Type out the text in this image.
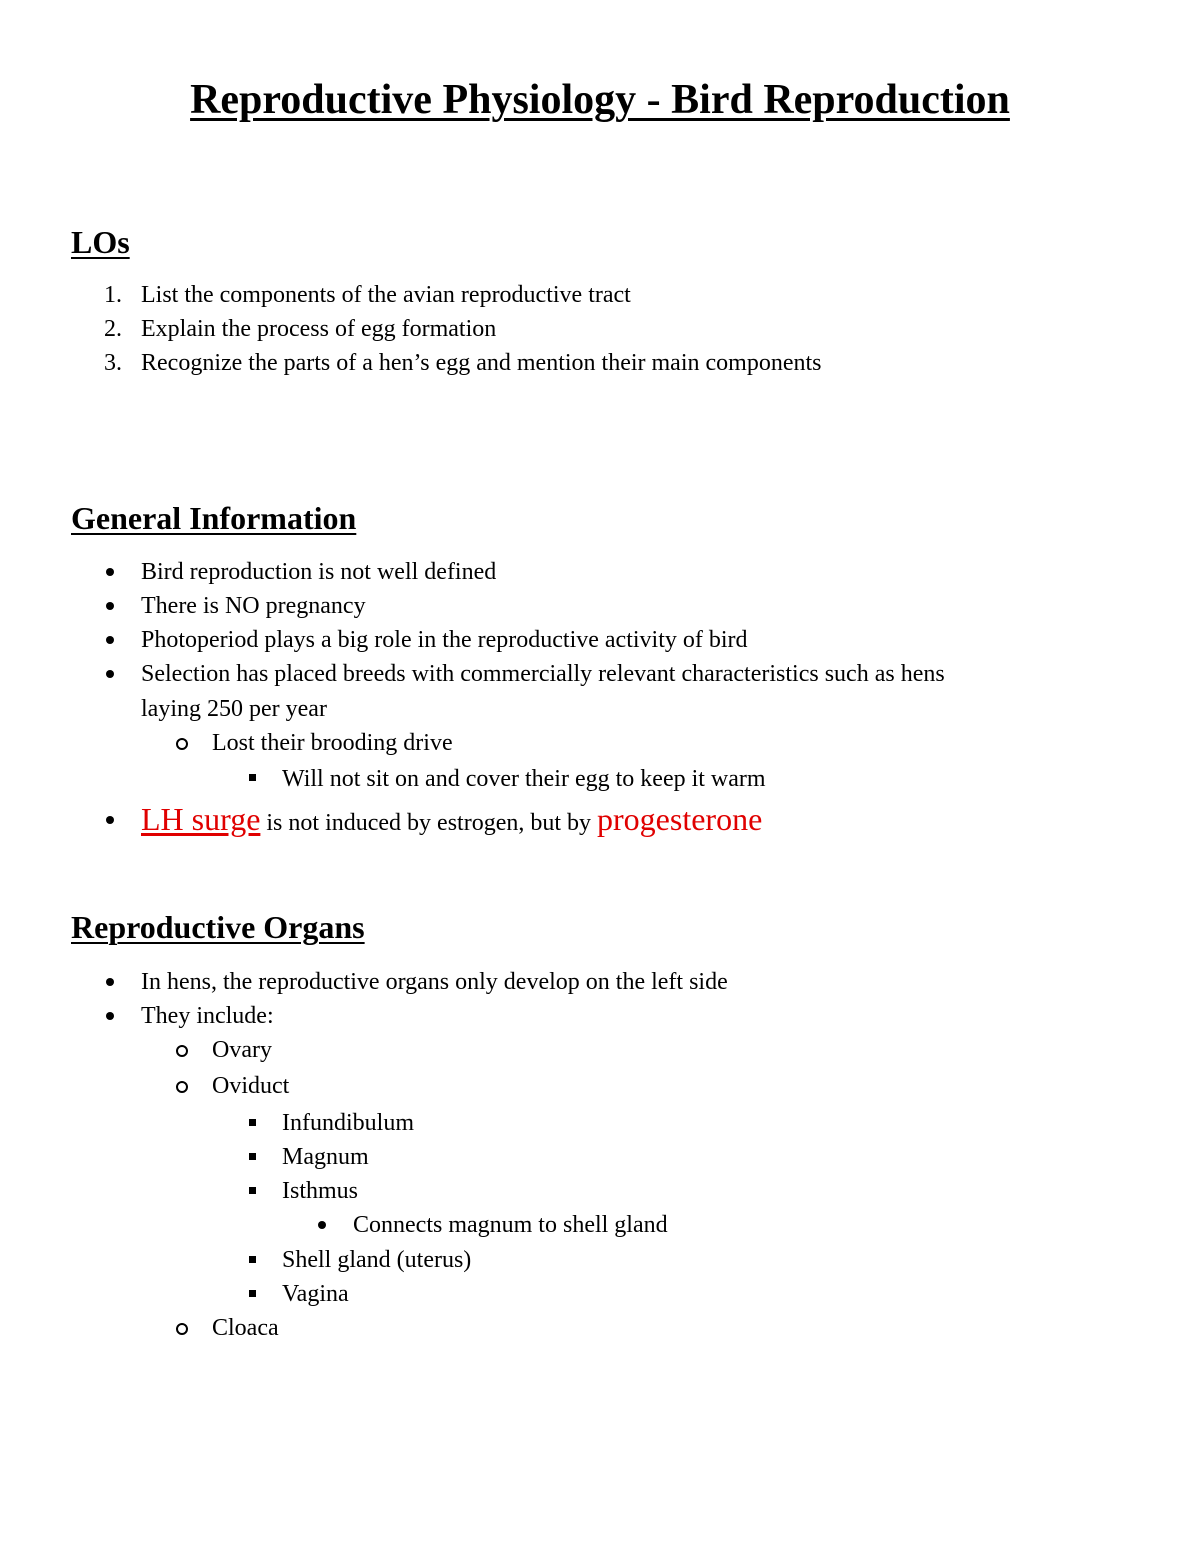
Reproductive Physiology - Bird Reproduction
LOs
1. List the components of the avian reproductive tract
2. Explain the process of egg formation
3. Recognize the parts of a hen’s egg and mention their main components
General Information
Bird reproduction is not well defined
There is NO pregnancy
Photoperiod plays a big role in the reproductive activity of bird
Selection has placed breeds with commercially relevant characteristics such as hens
laying 250 per year
Lost their brooding drive
Will not sit on and cover their egg to keep it warm
LH surge is not induced by estrogen, but by progesterone
Reproductive Organs
In hens, the reproductive organs only develop on the left side
They include:
Ovary
Oviduct
Infundibulum
Magnum
Isthmus
Connects magnum to shell gland
Shell gland (uterus)
Vagina
Cloaca
